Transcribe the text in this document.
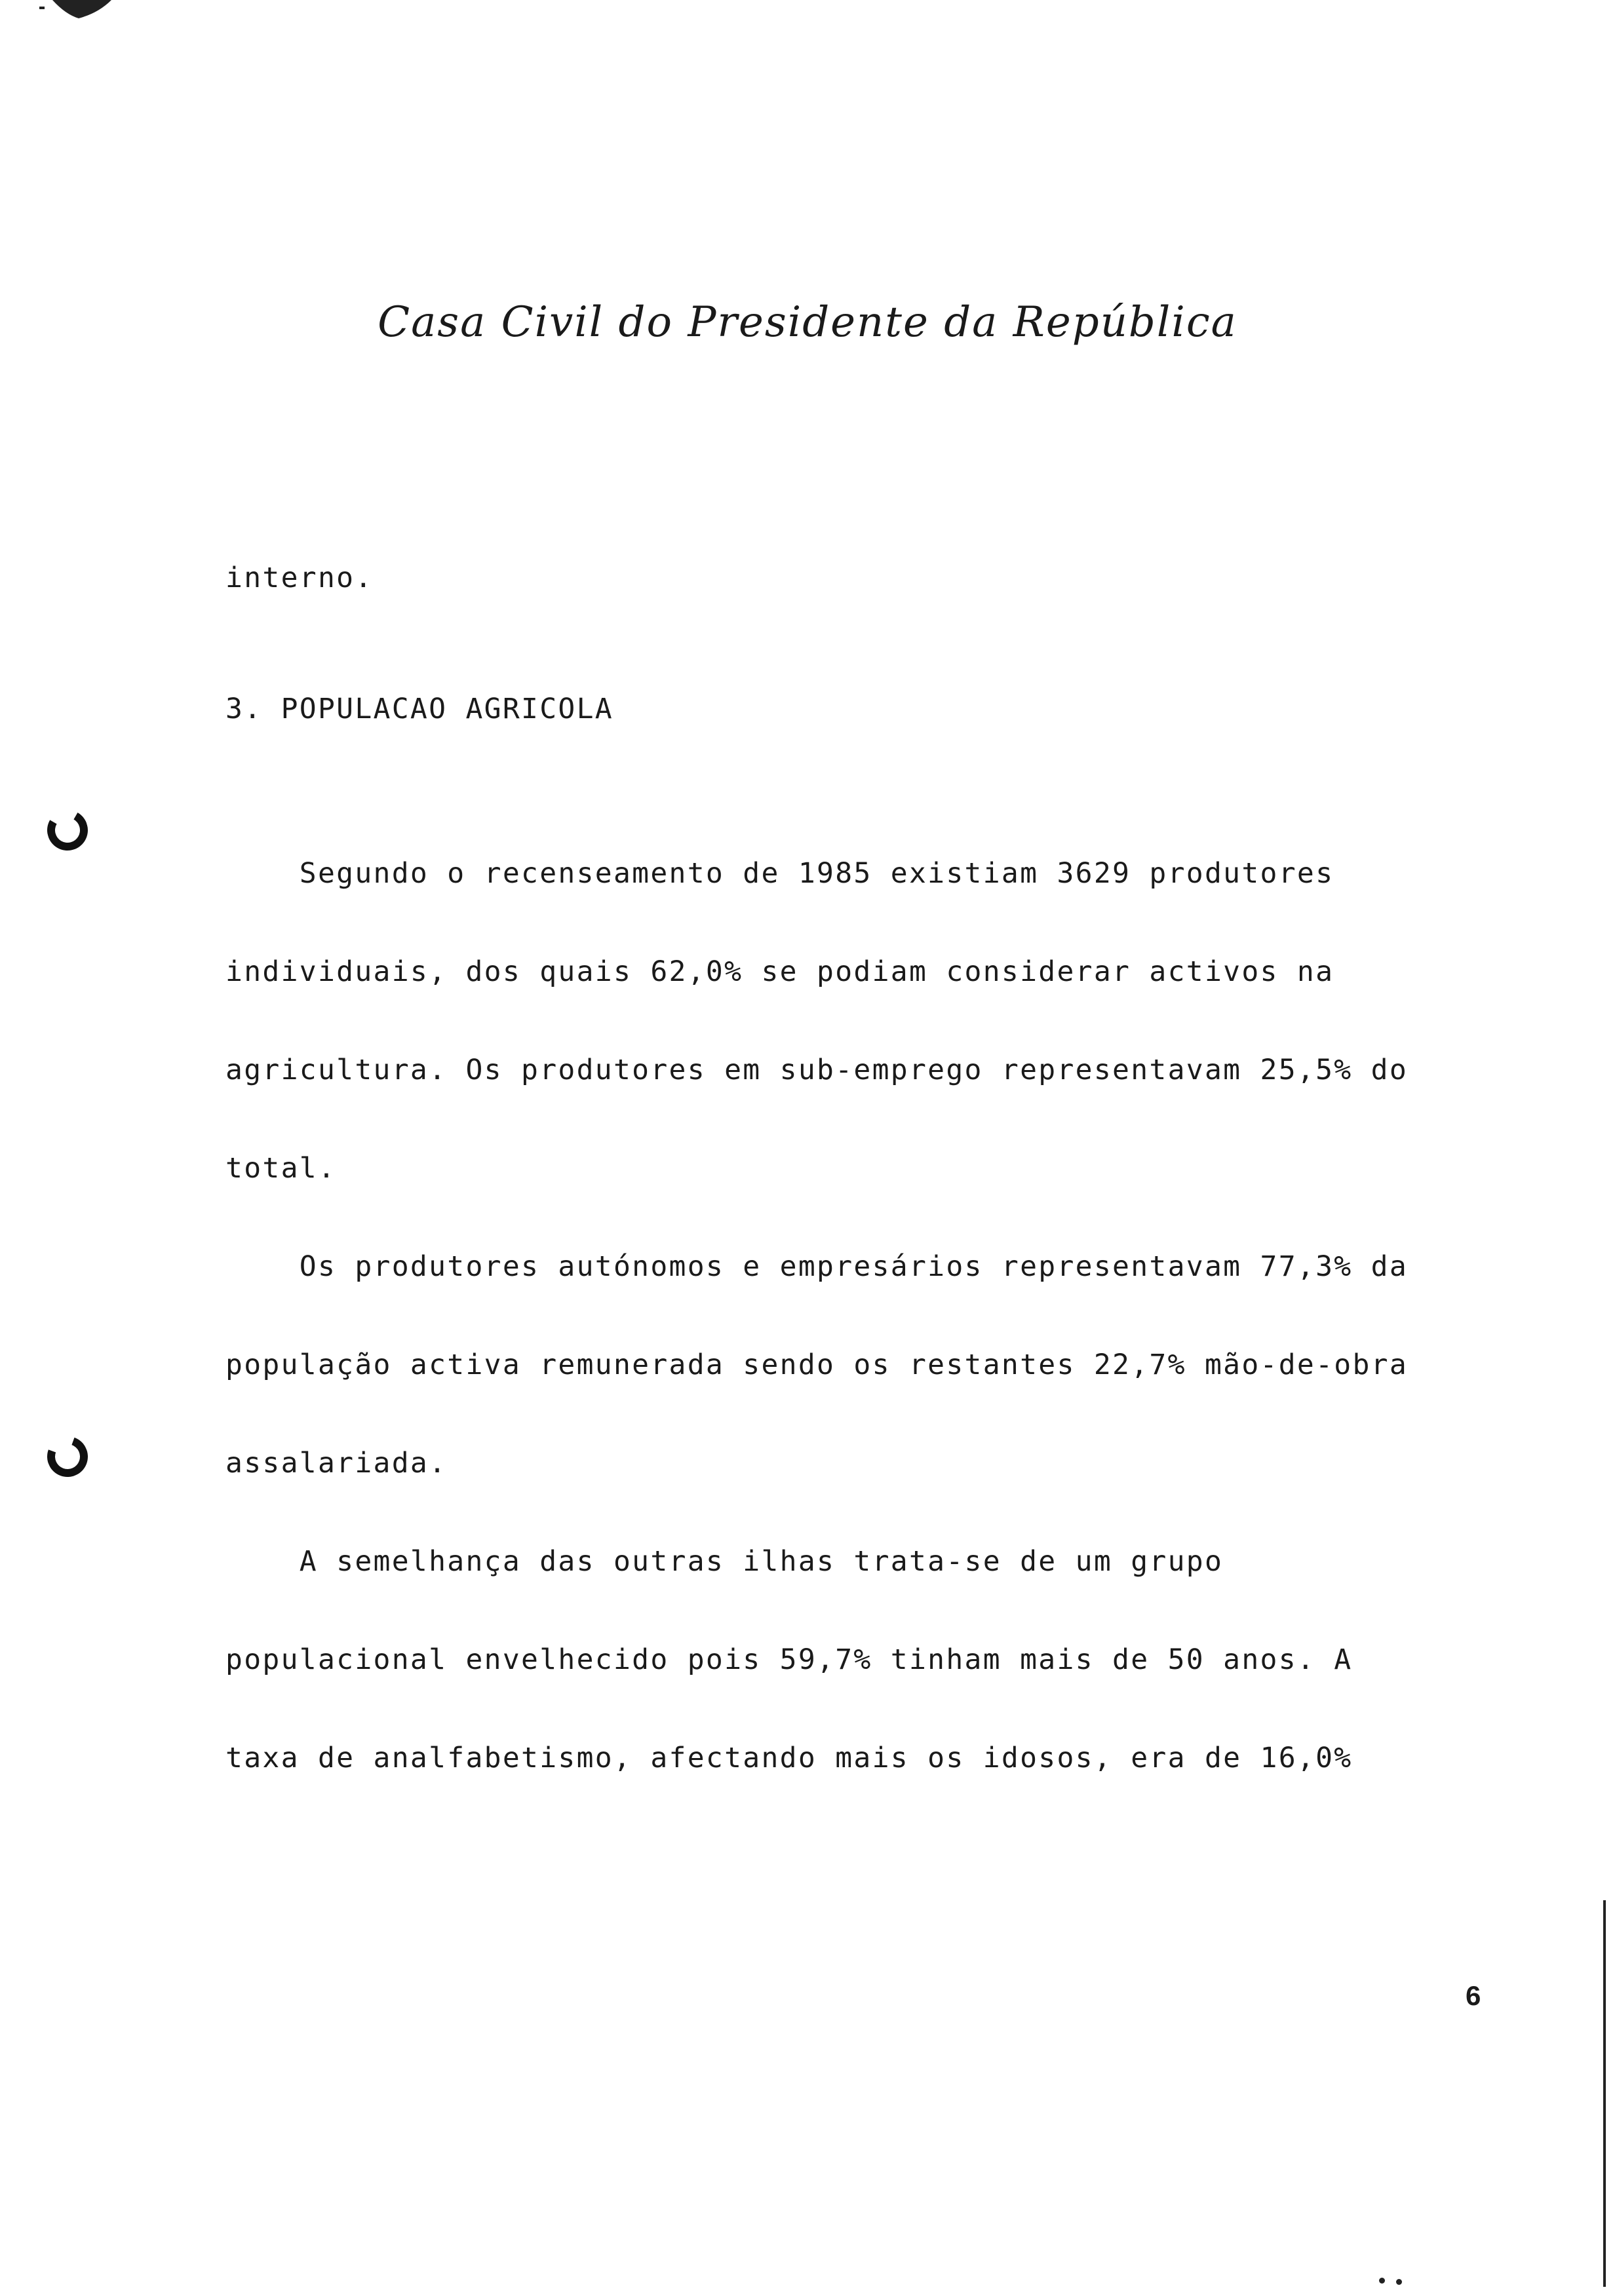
Casa Civil do Presidente da República
interno.
3. POPULACAO AGRICOLA

Segundo o recenseamento de 1985 existiam 3629 produtores

individuais, dos quais 62,0% se podiam considerar activos na

agricultura. Os produtores em sub-emprego representavam 25,5% do

total.

Os produtores autónomos e empresários representavam 77,3% da

população activa remunerada sendo os restantes 22,7% mão-de-obra

assalariada.

A semelhança das outras ilhas trata-se de um grupo

populacional envelhecido pois 59,7% tinham mais de 50 anos. A

taxa de analfabetismo, afectando mais os idosos, era de 16,0%

6
